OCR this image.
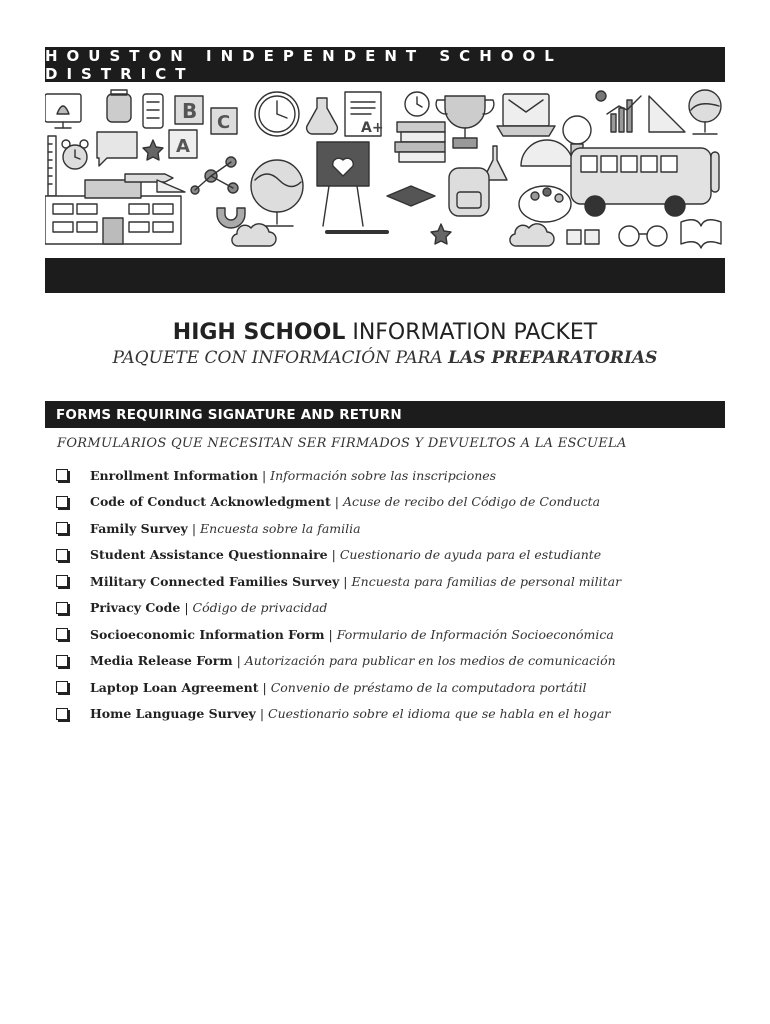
HOUSTON INDEPENDENT SCHOOL DISTRICT
B C
A
A+
HIGH SCHOOL INFORMATION PACKET
PAQUETE CON INFORMACIÓN PARA LAS PREPARATORIAS
FORMS REQUIRING SIGNATURE AND RETURN
FORMULARIOS QUE NECESITAN SER FIRMADOS Y DEVUELTOS A LA ESCUELA
Enrollment Information | Información sobre las inscripciones
Code of Conduct Acknowledgment | Acuse de recibo del Código de Conducta
Family Survey | Encuesta sobre la familia
Student Assistance Questionnaire | Cuestionario de ayuda para el estudiante
Military Connected Families Survey | Encuesta para familias de personal militar
Privacy Code | Código de privacidad
Socioeconomic Information Form | Formulario de Información Socioeconómica
Media Release Form | Autorización para publicar en los medios de comunicación
Laptop Loan Agreement | Convenio de préstamo de la computadora portátil
Home Language Survey | Cuestionario sobre el idioma que se habla en el hogar
